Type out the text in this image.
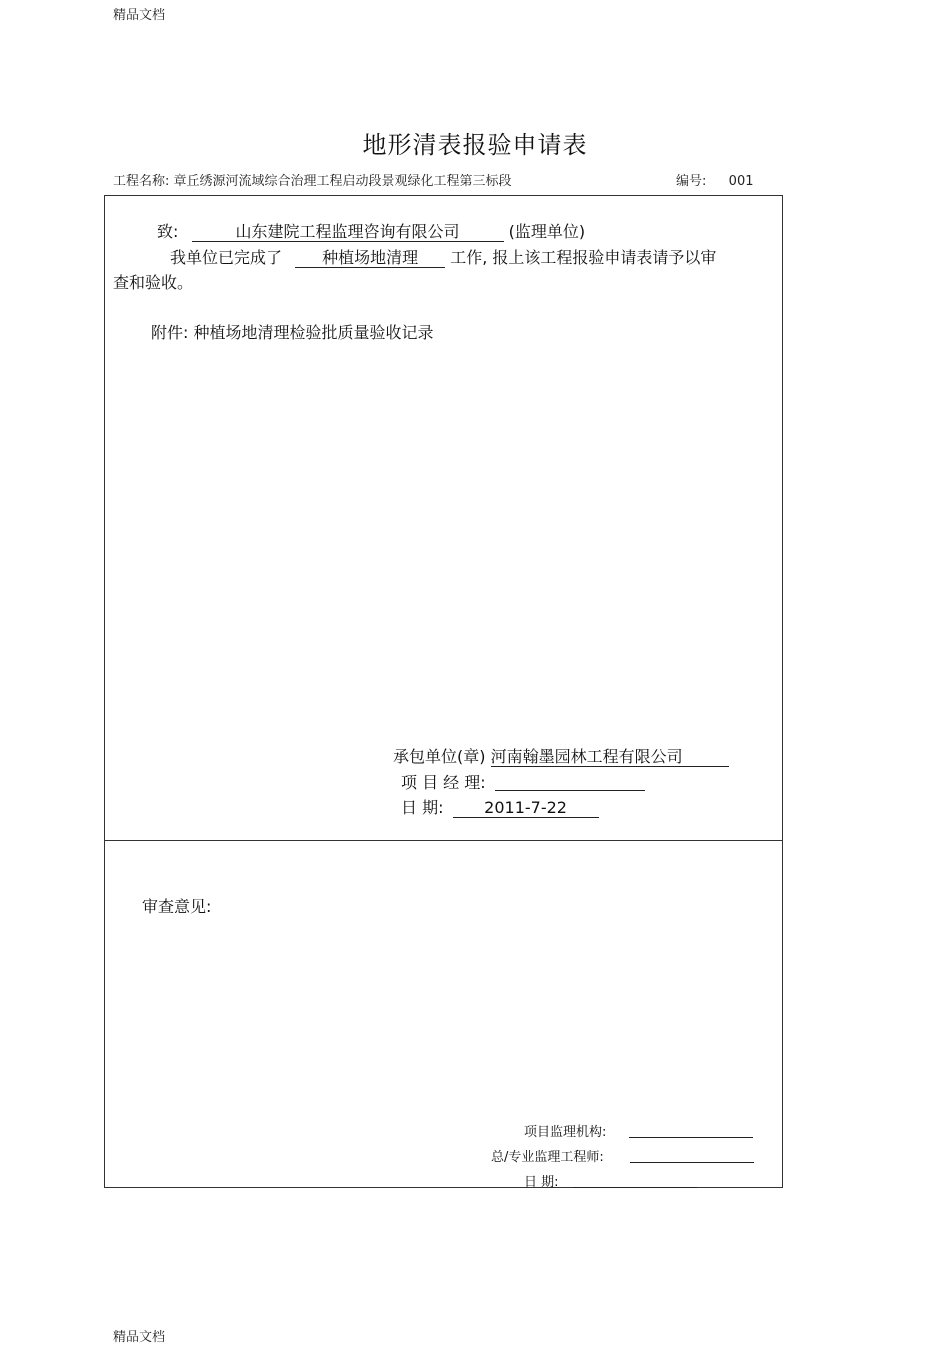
精品文档
地形清表报验申请表
工程名称: 章丘绣源河流域综合治理工程启动段景观绿化工程第三标段	编号: 001
致:	山东建院工程监理咨询有限公司	(监理单位)
我单位已完成了	种植场地清理 工作, 报上该工程报验申请表请予以审
查和验收。
附件: 种植场地清理检验批质量验收记录
承包单位(章) 河南翰墨园林工程有限公司
项 目 经 理:
日 期:	2011-7-22
审查意见:
项目监理机构:
总/专业监理工程师:
日 期:
精品文档
